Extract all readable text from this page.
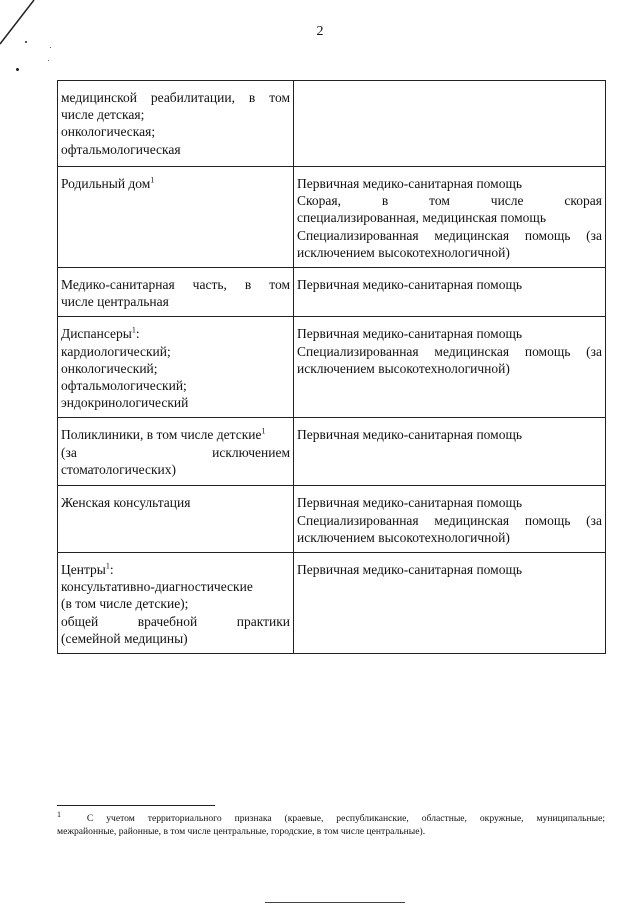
2
медицинской реабилитации, в том
числе детская;
онкологическая;
офтальмологическая	

Родильный дом$^1$	Первичная медико-санитарная помощь
Скорая, в том числе скорая
специализированная, медицинская помощь
Специализированная медицинская помощь (за
исключением высокотехнологичной)

Медико-санитарная часть, в том
числе центральная	Первичная медико-санитарная помощь

Диспансеры$^1$:
кардиологический;
онкологический;
офтальмологический;
эндокринологический	Первичная медико-санитарная помощь
Специализированная медицинская помощь (за
исключением высокотехнологичной)

Поликлиники, в том числе детские$^1$
(за исключением
стоматологических)	Первичная медико-санитарная помощь

Женская консультация	Первичная медико-санитарная помощь
Специализированная медицинская помощь (за
исключением высокотехнологичной)

Центры$^1$:
консультативно-диагностические
(в том числе детские);
общей врачебной практики
(семейной медицины)	Первичная медико-санитарная помощь
$^1$	С учетом территориального признака (краевые, республиканские, областные, окружные, муниципальные;
межрайонные, районные, в том числе центральные, городские, в том числе центральные).
